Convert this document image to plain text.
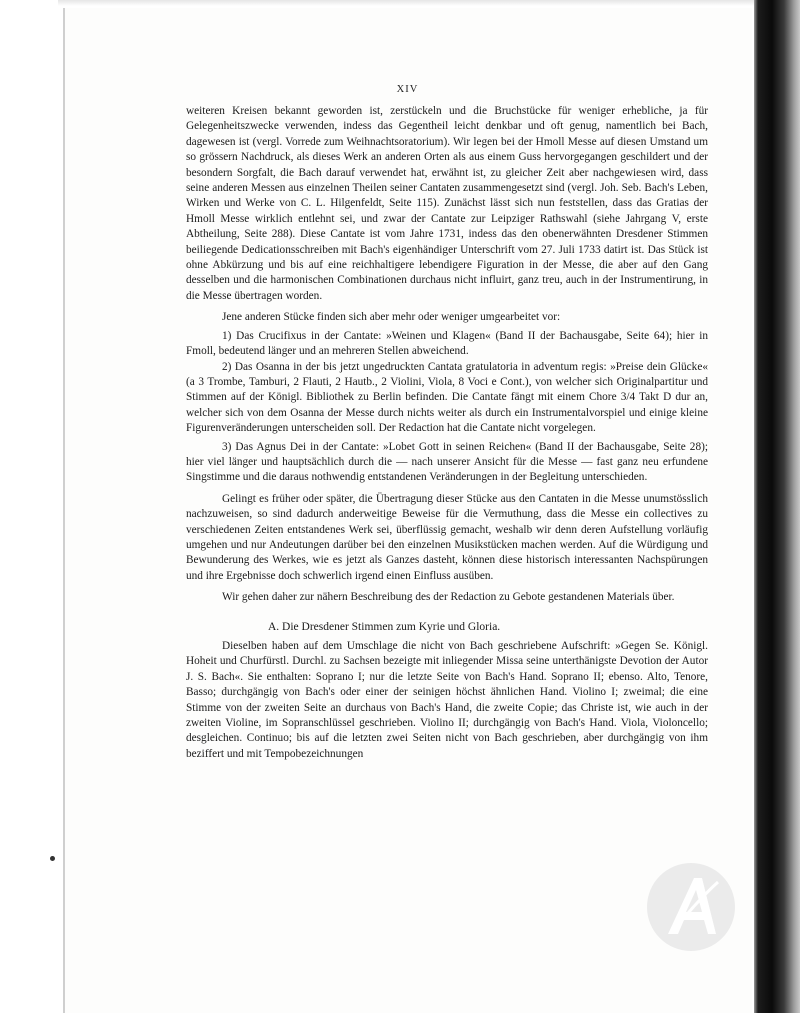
XIV

weiteren Kreisen bekannt geworden ist, zerstückeln und die Bruchstücke für weniger erhebliche, ja für Gelegenheitszwecke verwenden, indess das Gegentheil leicht denkbar und oft genug, namentlich bei Bach, dagewesen ist (vergl. Vorrede zum Weihnachtsoratorium). Wir legen bei der Hmoll Messe auf diesen Umstand um so grössern Nachdruck, als dieses Werk an anderen Orten als aus einem Guss hervorgegangen geschildert und der besondern Sorgfalt, die Bach darauf verwendet hat, erwähnt ist, zu gleicher Zeit aber nachgewiesen wird, dass seine anderen Messen aus einzelnen Theilen seiner Cantaten zusammengesetzt sind (vergl. Joh. Seb. Bach's Leben, Wirken und Werke von C. L. Hilgenfeldt, Seite 115). Zunächst lässt sich nun feststellen, dass das Gratias der Hmoll Messe wirklich entlehnt sei, und zwar der Cantate zur Leipziger Rathswahl (siehe Jahrgang V, erste Abtheilung, Seite 288). Diese Cantate ist vom Jahre 1731, indess das den obenerwähnten Dresdener Stimmen beiliegende Dedicationsschreiben mit Bach's eigenhändiger Unterschrift vom 27. Juli 1733 datirt ist. Das Stück ist ohne Abkürzung und bis auf eine reichhaltigere lebendigere Figuration in der Messe, die aber auf den Gang desselben und die harmonischen Combinationen durchaus nicht influirt, ganz treu, auch in der Instrumentirung, in die Messe übertragen worden.

Jene anderen Stücke finden sich aber mehr oder weniger umgearbeitet vor:

1) Das Crucifixus in der Cantate: »Weinen und Klagen« (Band II der Bachausgabe, Seite 64); hier in Fmoll, bedeutend länger und an mehreren Stellen abweichend.

2) Das Osanna in der bis jetzt ungedruckten Cantata gratulatoria in adventum regis: »Preise dein Glücke« (a 3 Trombe, Tamburi, 2 Flauti, 2 Hautb., 2 Violini, Viola, 8 Voci e Cont.), von welcher sich Originalpartitur und Stimmen auf der Königl. Bibliothek zu Berlin befinden. Die Cantate fängt mit einem Chore 3/4 Takt D dur an, welcher sich von dem Osanna der Messe durch nichts weiter als durch ein Instrumentalvorspiel und einige kleine Figurenveränderungen unterscheiden soll. Der Redaction hat die Cantate nicht vorgelegen.

3) Das Agnus Dei in der Cantate: »Lobet Gott in seinen Reichen« (Band II der Bachausgabe, Seite 28); hier viel länger und hauptsächlich durch die — nach unserer Ansicht für die Messe — fast ganz neu erfundene Singstimme und die daraus nothwendig entstandenen Veränderungen in der Begleitung unterschieden.

Gelingt es früher oder später, die Übertragung dieser Stücke aus den Cantaten in die Messe unumstösslich nachzuweisen, so sind dadurch anderweitige Beweise für die Vermuthung, dass die Messe ein collectives zu verschiedenen Zeiten entstandenes Werk sei, überflüssig gemacht, weshalb wir denn deren Aufstellung vorläufig umgehen und nur Andeutungen darüber bei den einzelnen Musikstücken machen werden. Auf die Würdigung und Bewunderung des Werkes, wie es jetzt als Ganzes dasteht, können diese historisch interessanten Nachspürungen und ihre Ergebnisse doch schwerlich irgend einen Einfluss ausüben.

Wir gehen daher zur nähern Beschreibung des der Redaction zu Gebote gestandenen Materials über.

A. Die Dresdener Stimmen zum Kyrie und Gloria.

Dieselben haben auf dem Umschlage die nicht von Bach geschriebene Aufschrift: »Gegen Se. Königl. Hoheit und Churfürstl. Durchl. zu Sachsen bezeigte mit inliegender Missa seine unterthänigste Devotion der Autor J. S. Bach«. Sie enthalten: Soprano I; nur die letzte Seite von Bach's Hand. Soprano II; ebenso. Alto, Tenore, Basso; durchgängig von Bach's oder einer der seinigen höchst ähnlichen Hand. Violino I; zweimal; die eine Stimme von der zweiten Seite an durchaus von Bach's Hand, die zweite Copie; das Christe ist, wie auch in der zweiten Violine, im Sopranschlüssel geschrieben. Violino II; durchgängig von Bach's Hand. Viola, Violoncello; desgleichen. Continuo; bis auf die letzten zwei Seiten nicht von Bach geschrieben, aber durchgängig von ihm beziffert und mit Tempobezeichnungen
